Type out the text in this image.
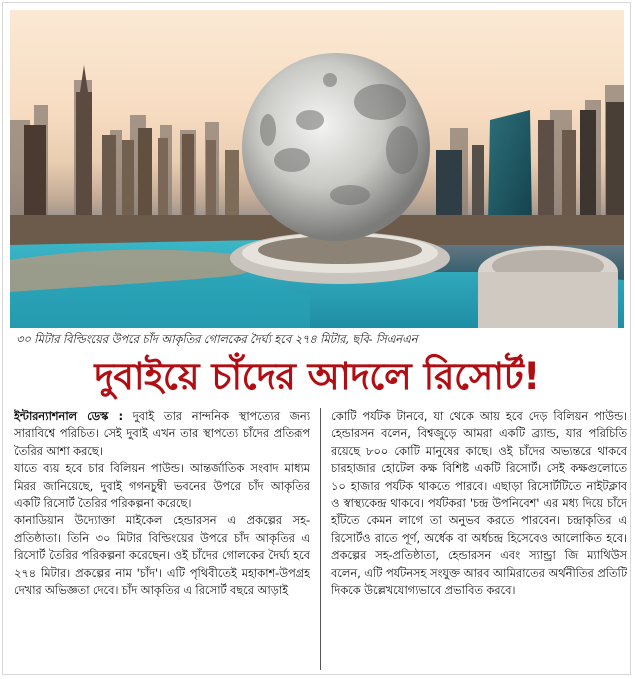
৩০ মিটার বিল্ডিংয়ের উপরে চাঁদ আকৃতির গোলকের দৈর্ঘ্য হবে ২৭৪ মিটার, ছবি- সিএনএন
দুবাইয়ে চাঁদের আদলে রিসোর্ট!

ইন্টারন্যাশনাল ডেস্ক : দুবাই তার নান্দনিক স্থাপত্যের জন্য সারাবিশ্বে পরিচিত। সেই দুবাই এখন তার স্থাপত্যে চাঁদের প্রতিরূপ তৈরির আশা করছে।

যাতে ব্যয় হবে চার বিলিয়ন পাউন্ড। আন্তর্জাতিক সংবাদ মাধ্যম মিরর জানিয়েছে, দুবাই গগনচুম্বী ভবনের উপরে চাঁদ আকৃতির একটি রিসোর্ট তৈরির পরিকল্পনা করেছে।

কানাডিয়ান উদ্যোক্তা মাইকেল হেন্ডারসন এ প্রকল্পের সহ-প্রতিষ্ঠাতা। তিনি ৩০ মিটার বিল্ডিংয়ের উপরে চাঁদ আকৃতির এ রিসোর্ট তৈরির পরিকল্পনা করেছেন। ওই চাঁদের গোলকের দৈর্ঘ্য হবে ২৭৪ মিটার। প্রকল্পের নাম 'চাঁদ'। এটি পৃথিবীতেই মহাকাশ-উপগ্রহ দেখার অভিজ্ঞতা দেবে। চাঁদ আকৃতির এ রিসোর্ট বছরে আড়াই

কোটি পর্যটক টানবে, যা থেকে আয় হবে দেড় বিলিয়ন পাউন্ড। হেন্ডারসন বলেন, বিশ্বজুড়ে আমরা একটি ব্র্যান্ড, যার পরিচিতি রয়েছে ৮০০ কোটি মানুষের কাছে। ওই চাঁদের অভ্যন্তরে থাকবে চারহাজার হোটেল কক্ষ বিশিষ্ট একটি রিসোর্ট। সেই কক্ষগুলোতে ১০ হাজার পর্যটক থাকতে পারবে। এছাড়া রিসোর্টটিতে নাইটক্লাব ও স্বাস্থ্যকেন্দ্র থাকবে। পর্যটকরা 'চন্দ্র উপনিবেশ' এর মধ্য দিয়ে চাঁদে হাঁটতে কেমন লাগে তা অনুভব করতে পারবেন। চন্দ্রাকৃতির এ রিসোর্টও রাতে পূর্ণ, অর্ধেক বা অর্ধচন্দ্র হিসেবেও আলোকিত হবে। প্রকল্পের সহ-প্রতিষ্ঠাতা, হেন্ডারসন এবং স্যান্ড্রা জি ম্যাথিউস বলেন, এটি পর্যটনসহ সংযুক্ত আরব আমিরাতের অর্থনীতির প্রতিটি দিককে উল্লেখযোগ্যভাবে প্রভাবিত করবে।
